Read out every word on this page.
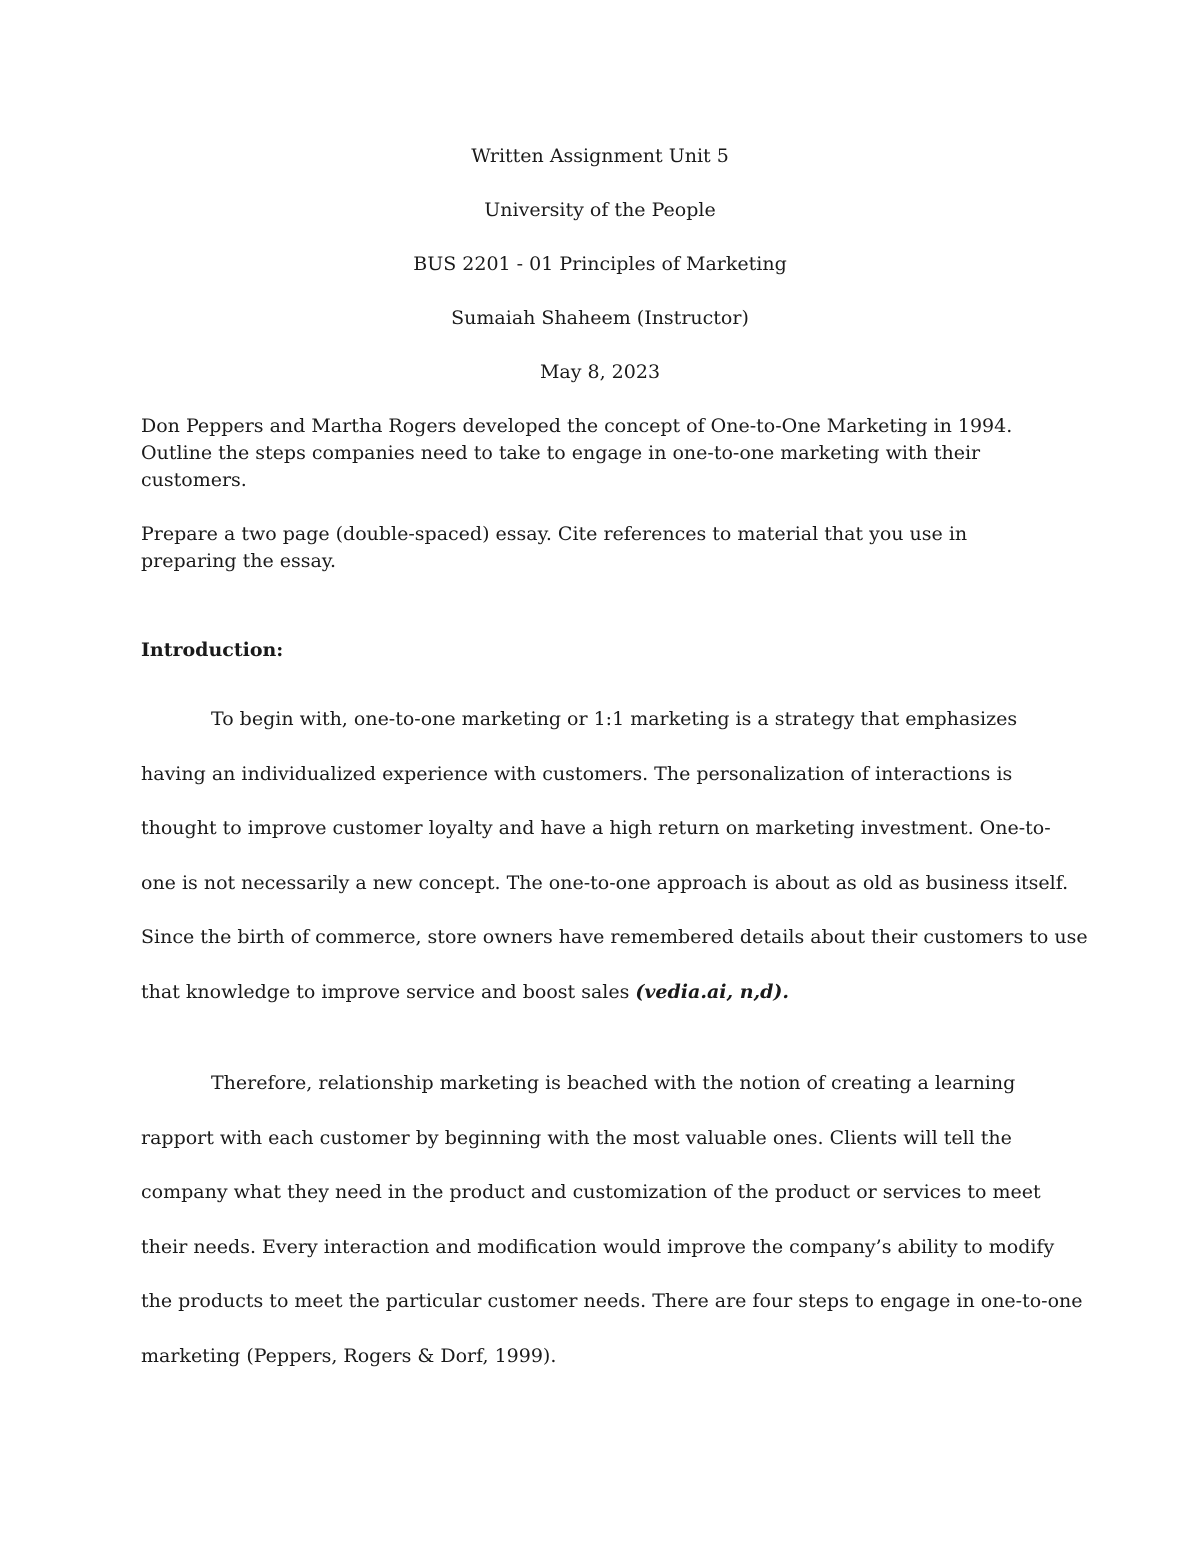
Written Assignment Unit 5
University of the People
BUS 2201 - 01 Principles of Marketing
Sumaiah Shaheem (Instructor)
May 8, 2023
Don Peppers and Martha Rogers developed the concept of One-to-One Marketing in 1994. Outline the steps companies need to take to engage in one-to-one marketing with their customers.
Prepare a two page (double-spaced) essay. Cite references to material that you use in preparing the essay.
Introduction:
To begin with, one-to-one marketing or 1:1 marketing is a strategy that emphasizes
having an individualized experience with customers. The personalization of interactions is
thought to improve customer loyalty and have a high return on marketing investment. One-to-
one is not necessarily a new concept. The one-to-one approach is about as old as business itself.
Since the birth of commerce, store owners have remembered details about their customers to use
that knowledge to improve service and boost sales (vedia.ai, n,d).
Therefore, relationship marketing is beached with the notion of creating a learning
rapport with each customer by beginning with the most valuable ones. Clients will tell the
company what they need in the product and customization of the product or services to meet
their needs. Every interaction and modification would improve the company’s ability to modify
the products to meet the particular customer needs. There are four steps to engage in one-to-one
marketing (Peppers, Rogers & Dorf, 1999).
